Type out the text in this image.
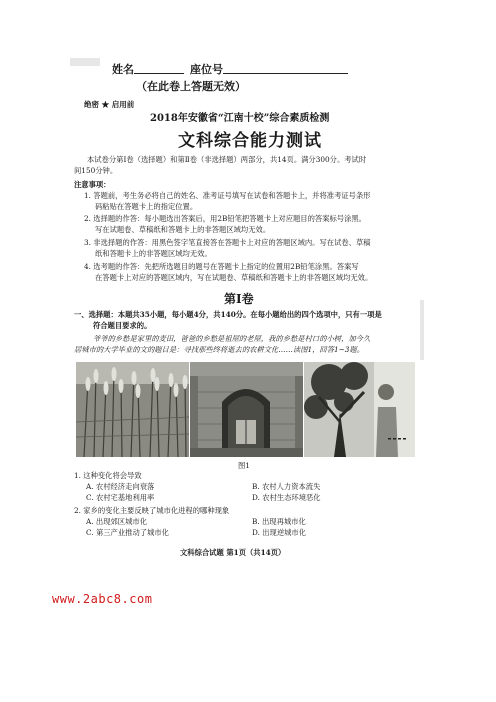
姓名	座位号
（在此卷上答题无效）
绝密 ★ 启用前
2018年安徽省“江南十校”综合素质检测
文科综合能力测试
本试卷分第Ⅰ卷（选择题）和第Ⅱ卷（非选择题）两部分，共14页。满分300分。考试时
间150分钟。
注意事项：
1. 答题前，考生务必将自己的姓名、准考证号填写在试卷和答题卡上，并将准考证号条形
码粘贴在答题卡上的指定位置。
2. 选择题的作答：每小题选出答案后，用2B铅笔把答题卡上对应题目的答案标号涂黑。
写在试题卷、草稿纸和答题卡上的非答题区域均无效。
3. 非选择题的作答：用黑色签字笔直接答在答题卡上对应的答题区域内。写在试卷、草稿
纸和答题卡上的非答题区域均无效。
4. 选考题的作答：先把所选题目的题号在答题卡上指定的位置用2B铅笔涂黑。答案写
在答题卡上对应的答题区域内，写在试题卷、草稿纸和答题卡上的非答题区域均无效。
第Ⅰ卷
一、选择题：本题共35小题，每小题4分，共140分。在每小题给出的四个选项中，只有一项是
符合题目要求的。
爷爷的乡愁是家里的麦田，爸爸的乡愁是祖屋的老屋，我的乡愁是村口的小树，加今久
居城市的大学毕业的文的题目是：寻找那些终将逝去的农耕文化……读图1，回答1~3题。
图1
1. 这种变化将会导致
A. 农村经济走向衰落	B. 农村人力资本流失
C. 农村宅基地利用率	D. 农村生态环境恶化
2. 家乡的变化主要反映了城市化进程的哪种现象
A. 出现郊区城市化	B. 出现再城市化
C. 第三产业推动了城市化	D. 出现逆城市化
文科综合试题 第1页（共14页）
www.2abc8.com
